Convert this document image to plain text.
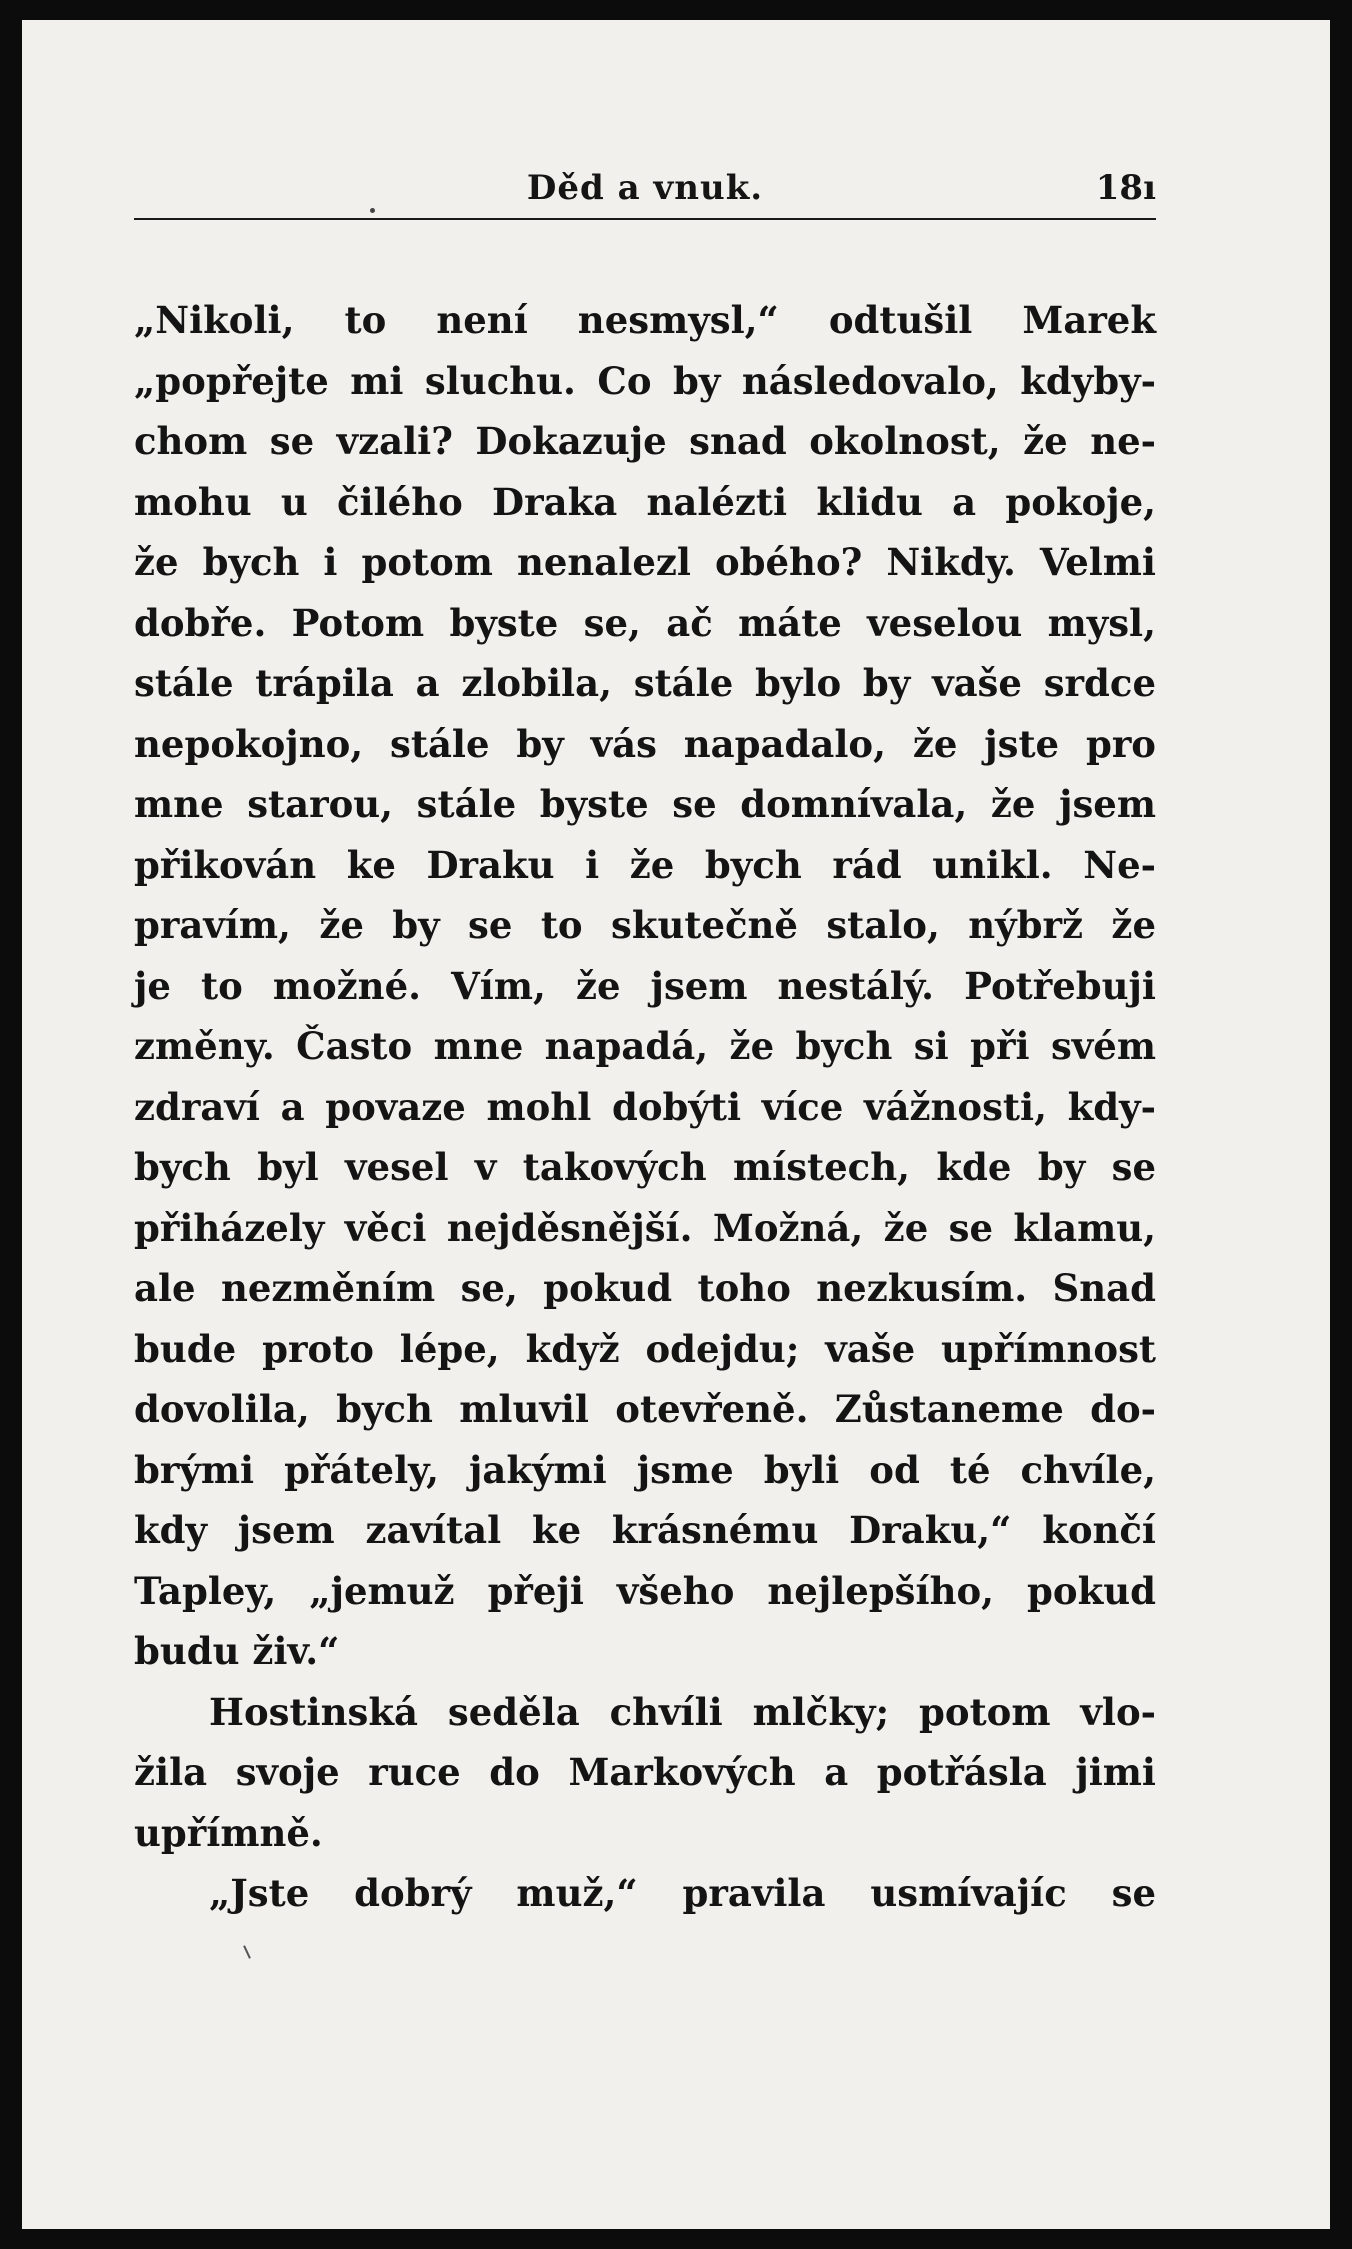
Děd a vnuk.	18ı
„Nikoli, to není nesmysl,“ odtušil Marek
„popřejte mi sluchu. Co by následovalo, kdyby-
chom se vzali? Dokazuje snad okolnost, že ne-
mohu u čilého Draka nalézti klidu a pokoje,
že bych i potom nenalezl obého? Nikdy. Velmi
dobře. Potom byste se, ač máte veselou mysl,
stále trápila a zlobila, stále bylo by vaše srdce
nepokojno, stále by vás napadalo, že jste pro
mne starou, stále byste se domnívala, že jsem
přikován ke Draku i že bych rád unikl. Ne-
pravím, že by se to skutečně stalo, nýbrž že
je to možné. Vím, že jsem nestálý. Potřebuji
změny. Často mne napadá, že bych si při svém
zdraví a povaze mohl dobýti více vážnosti, kdy-
bych byl vesel v takových místech, kde by se
přiházely věci nejděsnější. Možná, že se klamu,
ale nezměním se, pokud toho nezkusím. Snad
bude proto lépe, když odejdu; vaše upřímnost
dovolila, bych mluvil otevřeně. Zůstaneme do-
brými přátely, jakými jsme byli od té chvíle,
kdy jsem zavítal ke krásnému Draku,“ končí
Tapley, „jemuž přeji všeho nejlepšího, pokud
budu živ.“
Hostinská seděla chvíli mlčky; potom vlo-
žila svoje ruce do Markových a potřásla jimi
upřímně.
„Jste dobrý muž,“ pravila usmívajíc se
